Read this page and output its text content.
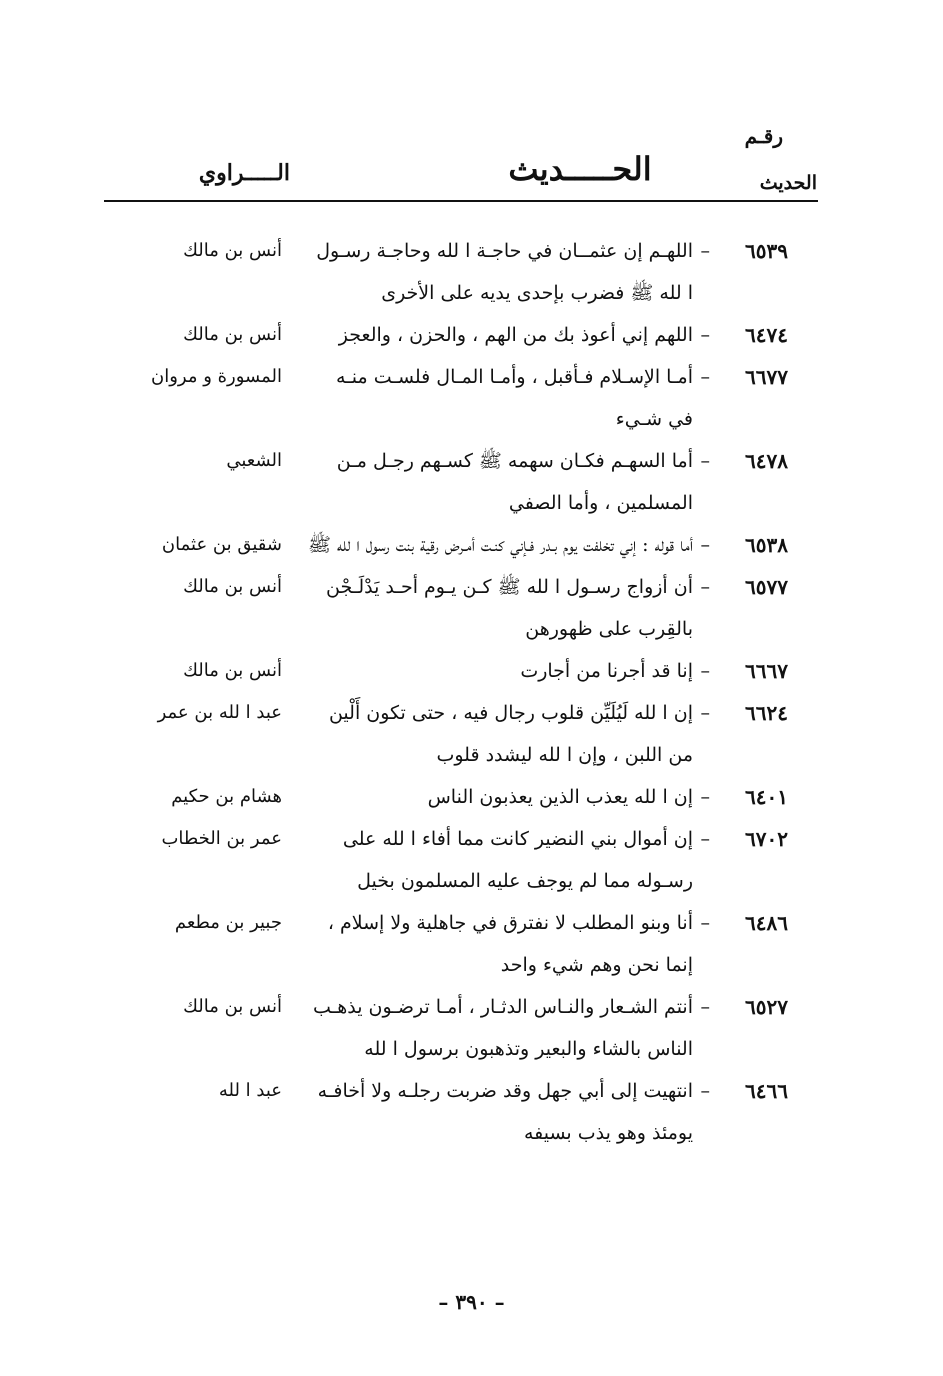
رقـم
الحديث
الحـــــديث
الـــــراوي
٦٥٣٩
–
اللهـم إن عثمــان في حاجـة ا لله وحاجـة رسـول ا لله ﷺ فضرب بإحدى يديه على الأخرى
أنس بن مالك
٦٤٧٤
–
اللهم إني أعوذ بك من الهم ، والحزن ، والعجز
أنس بن مالك
٦٦٧٧
–
أمـا الإسـلام فـأقبل ، وأمـا المـال فلسـت منـه في شـيء
المسورة و مروان
٦٤٧٨
–
أما السهـم فكـان سهمه ﷺ كسـهم رجـل مـن المسلمين ، وأما الصفي
الشعبي
٦٥٣٨
–
أما قوله : إني تخلفت يوم بـدر فـإني كنـت أمـرض رقية بنت رسول ا لله ﷺ
شقيق بن عثمان
٦٥٧٧
–
أن أزواج رسـول ا لله ﷺ كـن يـوم أحـد يَدْلَـجْن بالقِرب على ظهورهن
أنس بن مالك
٦٦٦٧
–
إنا قد أجرنا من أجارت
أنس بن مالك
٦٦٢٤
–
إن ا لله لَيُلَيِّن قلوب رجال فيه ، حتى تكون أَلْين من اللبن ، وإن ا لله ليشدد قلوب
عبد ا لله بن عمر
٦٤٠١
–
إن ا لله يعذب الذين يعذبون الناس
هشام بن حكيم
٦٧٠٢
–
إن أموال بني النضير كانت مما أفاء ا لله على رسـوله مما لم يوجف عليه المسلمون بخيل
عمر بن الخطاب
٦٤٨٦
–
أنا وبنو المطلب لا نفترق في جاهلية ولا إسلام ، إنما نحن وهم شيء واحد
جبير بن مطعم
٦٥٢٧
–
أنتم الشـعار والنـاس الدثـار ، أمـا ترضـون يذهـب الناس بالشاء والبعير وتذهبون برسول ا لله
أنس بن مالك
٦٤٦٦
–
انتهيت إلى أبي جهل وقد ضربت رجلـه ولا أخافـه يومئذ وهو يذب بسيفه
عبد ا لله
– ٣٩٠ –
